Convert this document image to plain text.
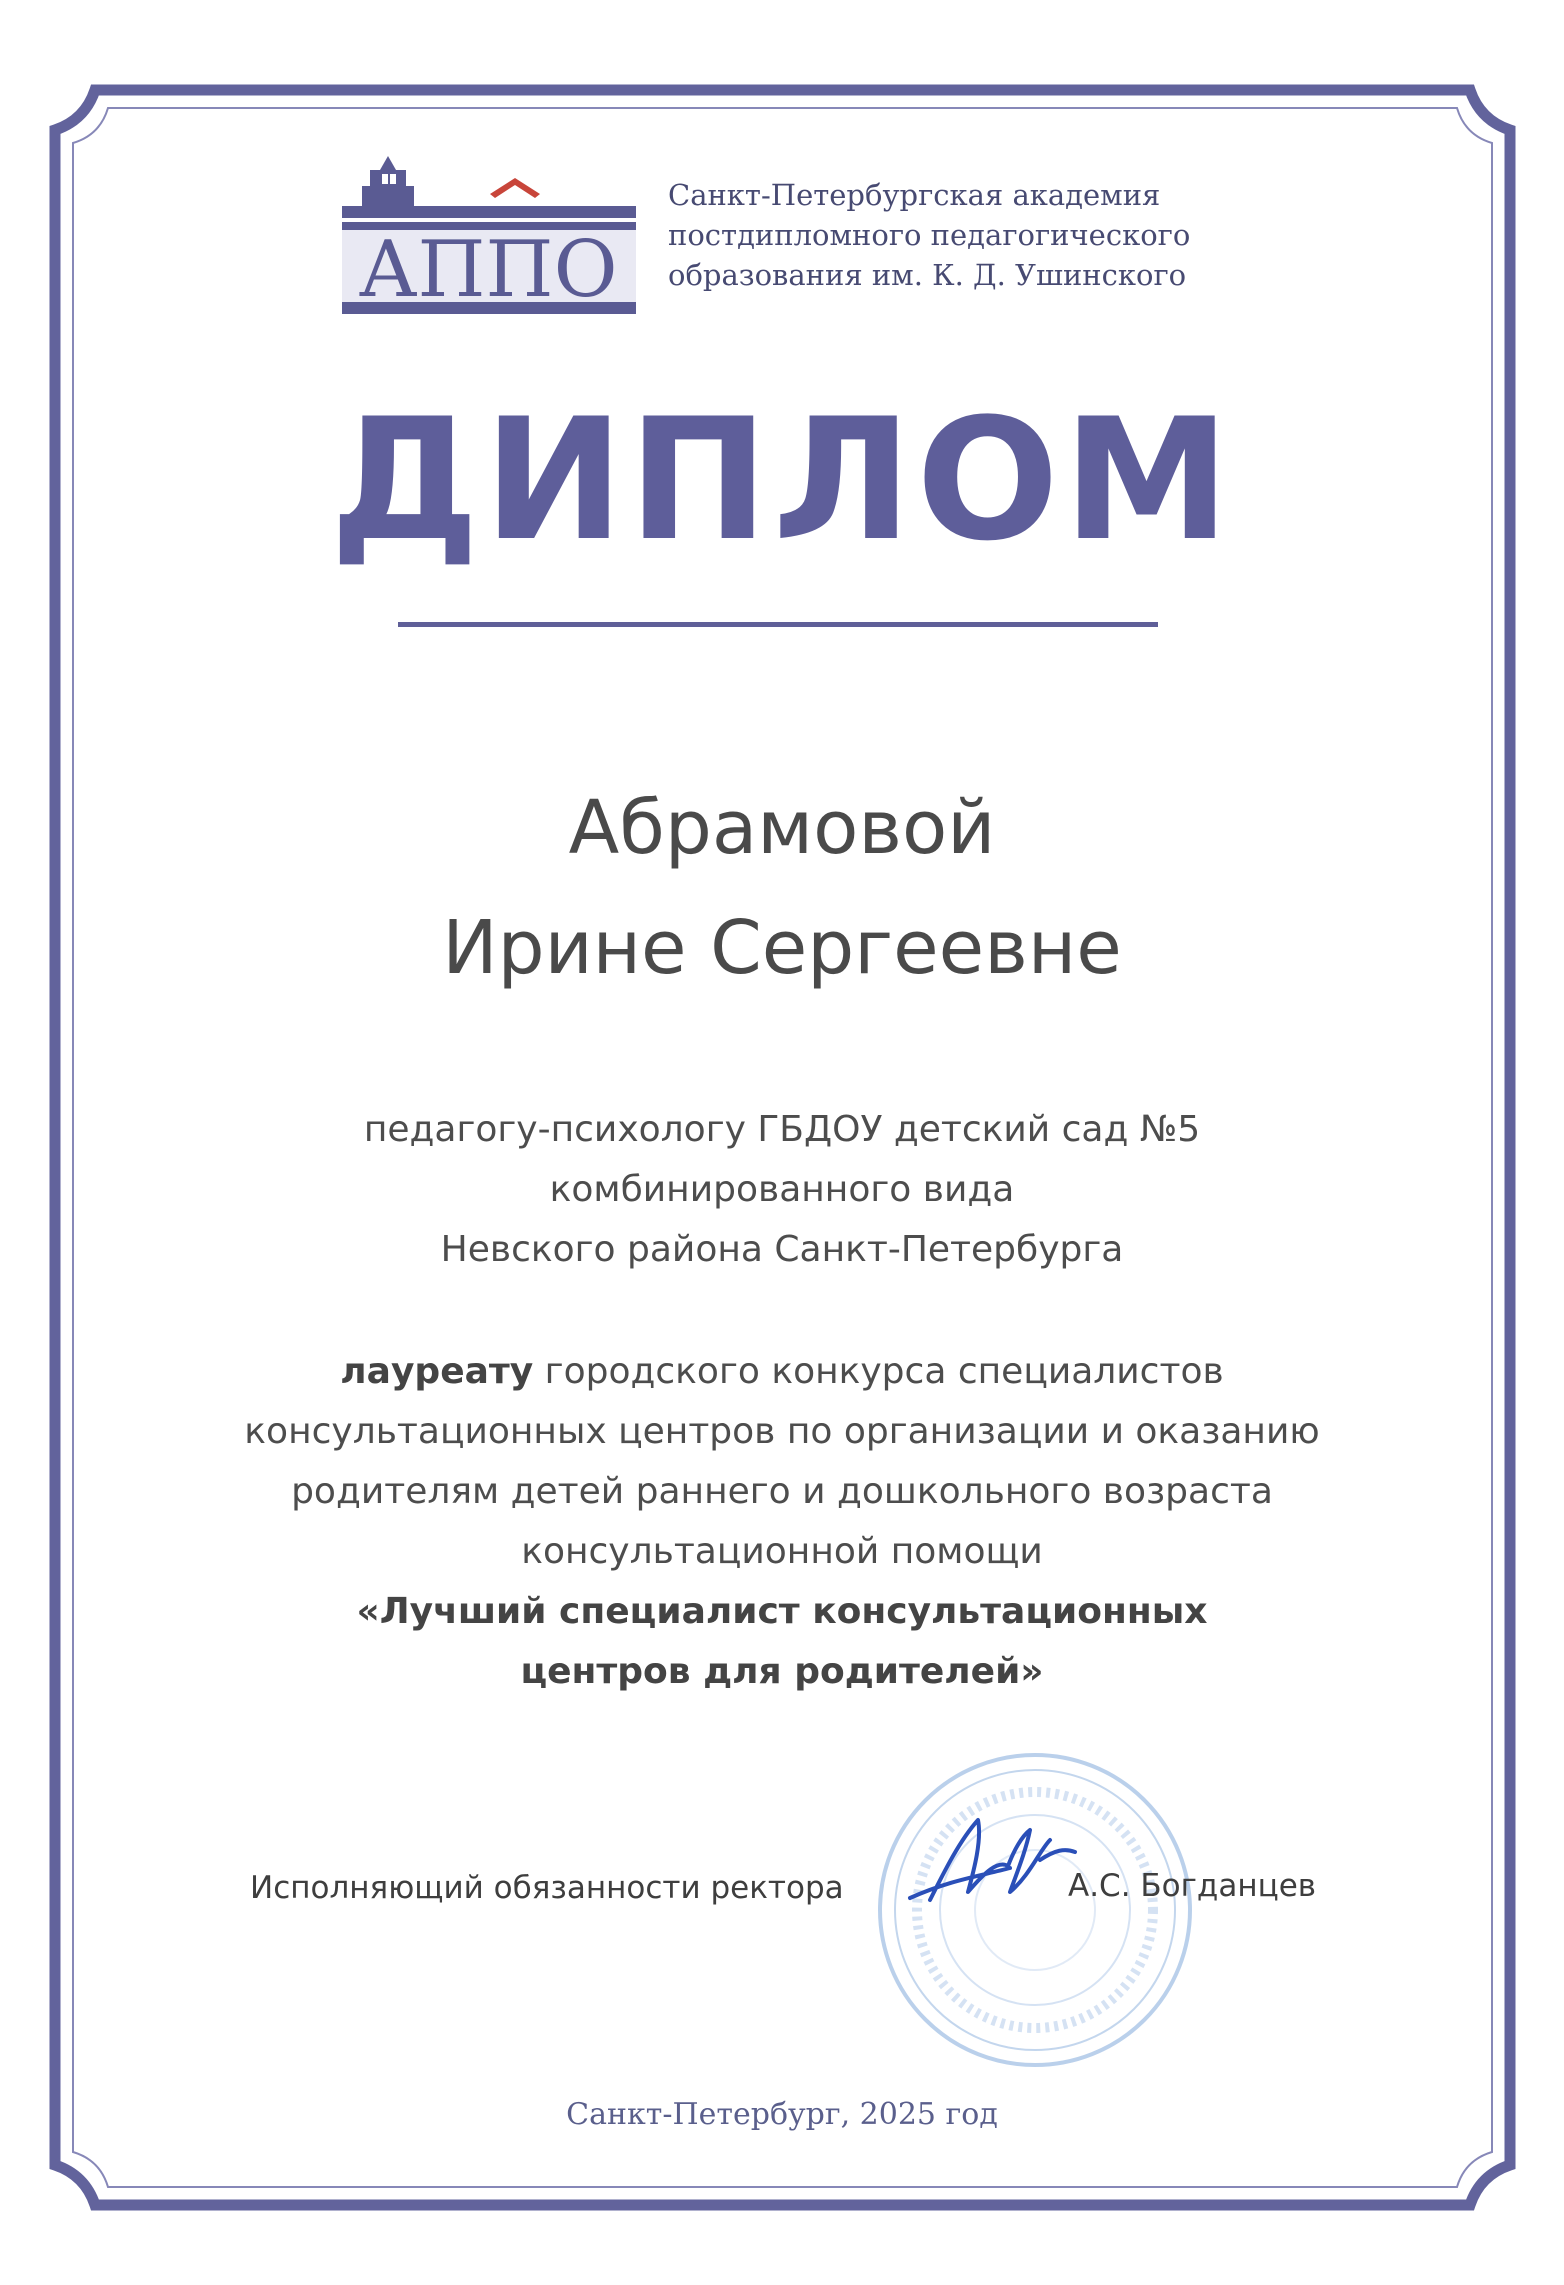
АППО
Санкт-Петербургская академия
постдипломного педагогического
образования им. К. Д. Ушинского
ДИПЛОМ
Абрамовой
Ирине Сергеевне
педагогу-психологу ГБДОУ детский сад №5
комбинированного вида
Невского района Санкт-Петербурга
лауреату городского конкурса специалистов
консультационных центров по организации и оказанию
родителям детей раннего и дошкольного возраста
консультационной помощи
«Лучший специалист консультационных
центров для родителей»
Исполняющий обязанности ректора	А.С. Богданцев
Санкт-Петербург, 2025 год
